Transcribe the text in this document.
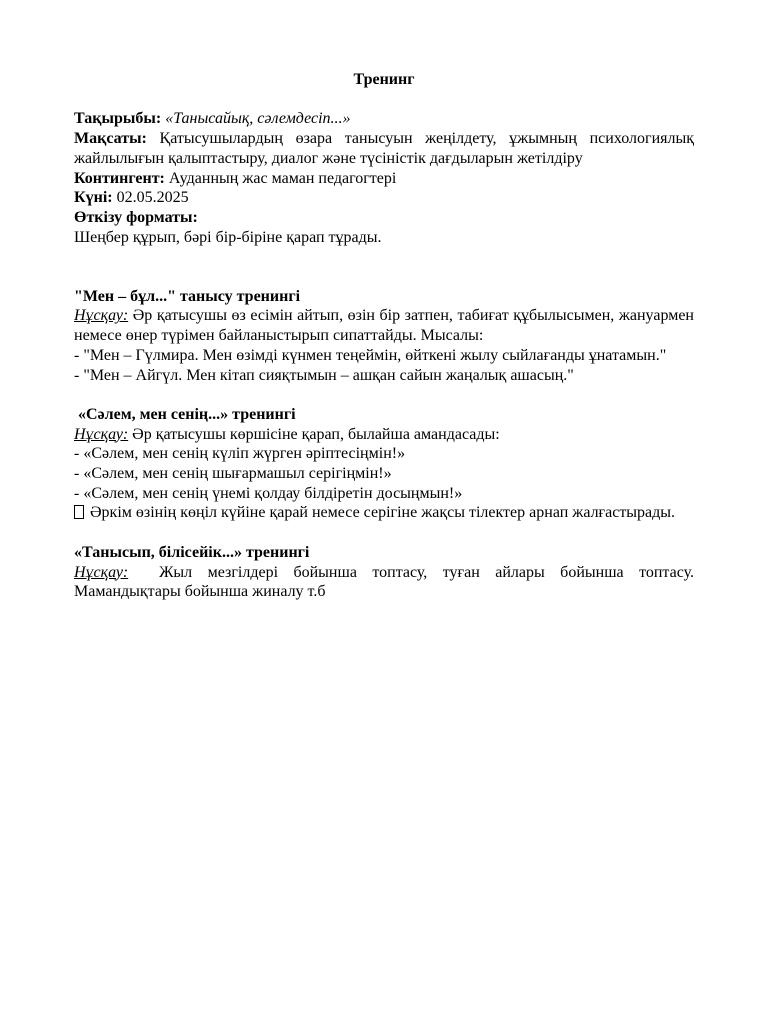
Тренинг

Тақырыбы: «Танысайық, сәлемдесіп...»

Мақсаты: Қатысушылардың өзара танысуын жеңілдету, ұжымның психологиялық жайлылығын қалыптастыру, диалог және түсіністік дағдыларын жетілдіру

Контингент: Ауданның жас маман педагогтері

Күні: 02.05.2025

Өткізу форматы:

Шеңбер құрып, бәрі бір-біріне қарап тұрады.

"Мен – бұл..." танысу тренингі

Нұсқау: Әр қатысушы өз есімін айтып, өзін бір затпен, табиғат құбылысымен, жануармен немесе өнер түрімен байланыстырып сипаттайды. Мысалы:

- "Мен – Гүлмира. Мен өзімді күнмен теңеймін, өйткені жылу сыйлағанды ұнатамын."

- "Мен – Айгүл. Мен кітап сияқтымын – ашқан сайын жаңалық ашасың."

«Сәлем, мен сенің...» тренингі

Нұсқау: Әр қатысушы көршісіне қарап, былайша амандасады:

- «Сәлем, мен сенің күліп жүрген әріптесіңмін!»

- «Сәлем, мен сенің шығармашыл серігіңмін!»

- «Сәлем, мен сенің үнемі қолдау білдіретін досыңмын!»

Әркім өзінің көңіл күйіне қарай немесе серігіне жақсы тілектер арнап жалғастырады.

«Танысып, білісейік...» тренингі

Нұсқау:  Жыл мезгілдері бойынша топтасу, туған айлары бойынша топтасу. Мамандықтары бойынша жиналу т.б
